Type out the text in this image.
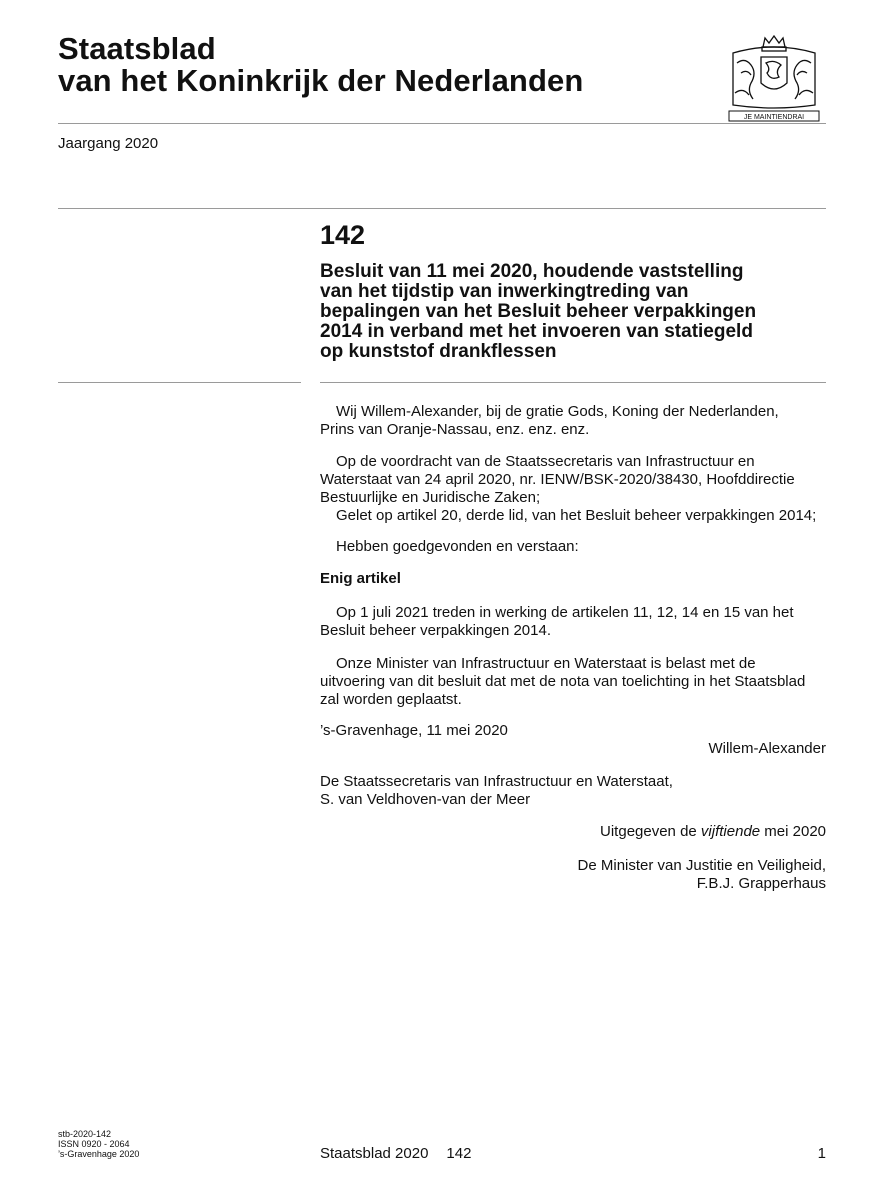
Staatsblad
van het Koninkrijk der Nederlanden
JE MAINTIENDRAI
Jaargang 2020
142
Besluit van 11 mei 2020, houdende vaststelling
van het tijdstip van inwerkingtreding van
bepalingen van het Besluit beheer verpakkingen
2014 in verband met het invoeren van statiegeld
op kunststof drankflessen
Wij Willem-Alexander, bij de gratie Gods, Koning der Nederlanden,
Prins van Oranje-Nassau, enz. enz. enz.
Op de voordracht van de Staatssecretaris van Infrastructuur en
Waterstaat van 24 april 2020, nr. IENW/BSK-2020/38430, Hoofddirectie
Bestuurlijke en Juridische Zaken;
Gelet op artikel 20, derde lid, van het Besluit beheer verpakkingen 2014;
Hebben goedgevonden en verstaan:
Enig artikel
Op 1 juli 2021 treden in werking de artikelen 11, 12, 14 en 15 van het
Besluit beheer verpakkingen 2014.
Onze Minister van Infrastructuur en Waterstaat is belast met de
uitvoering van dit besluit dat met de nota van toelichting in het Staatsblad
zal worden geplaatst.
’s-Gravenhage, 11 mei 2020
Willem-Alexander
De Staatssecretaris van Infrastructuur en Waterstaat,
S. van Veldhoven-van der Meer
Uitgegeven de vijftiende mei 2020
De Minister van Justitie en Veiligheid,
F.B.J. Grapperhaus
stb-2020-142
ISSN 0920 - 2064
’s-Gravenhage 2020	Staatsblad 2020 142	1
